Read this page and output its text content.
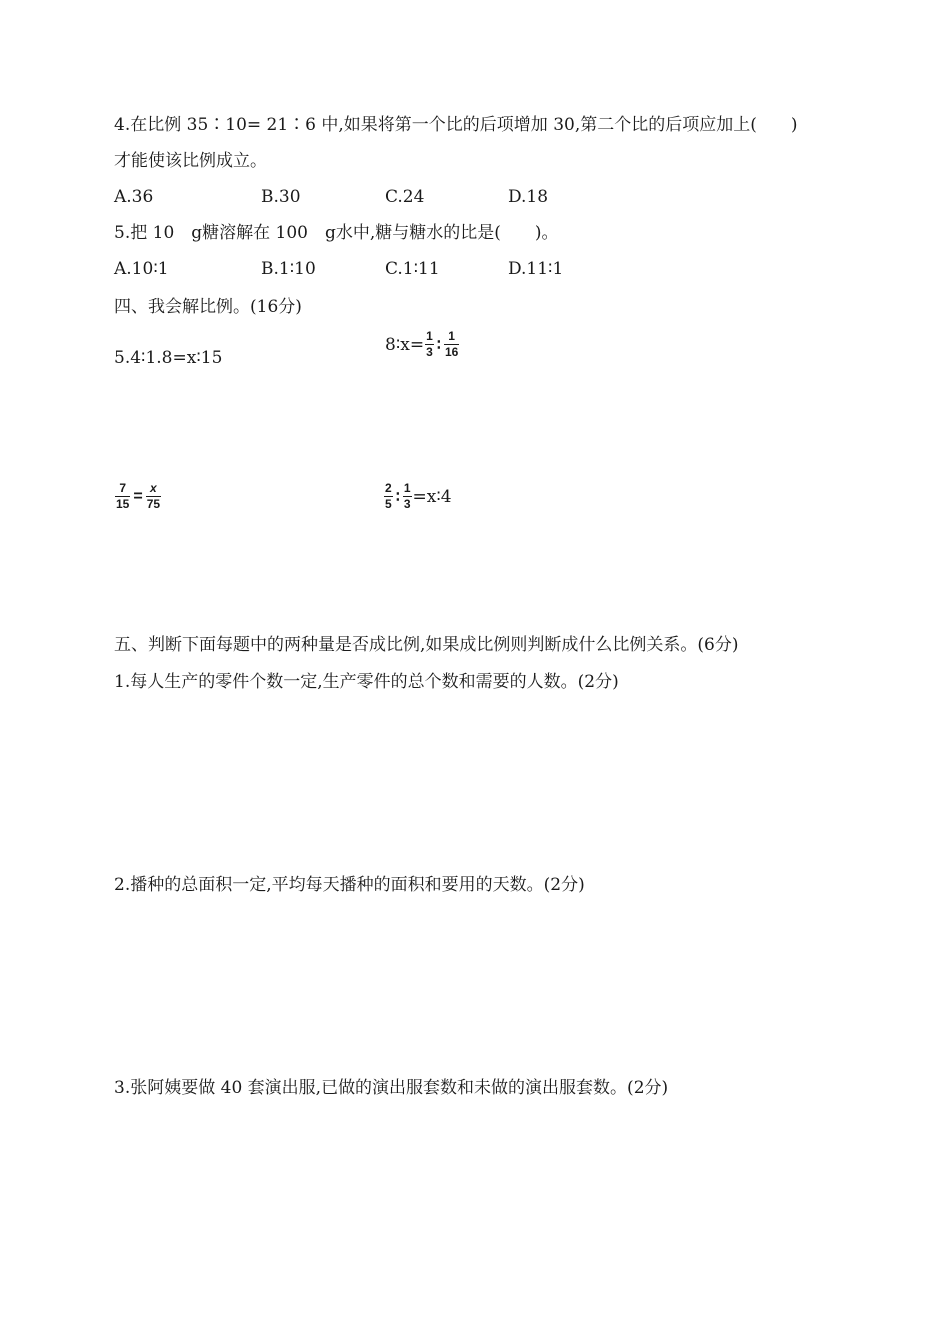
4.在比例 35∶10= 21∶6 中,如果将第一个比的后项增加 30,第二个比的后项应加上(　　)
才能使该比例成立。
A.36	B.30	C.24	D.18
5.把 10　g糖溶解在 100　g水中,糖与糖水的比是(　　)。
A.10∶1	B.1∶10	C.1∶11	D.11∶1
四、我会解比例。(16分)
5.4∶1.8=x∶15
8∶x= $\frac{1}{3}$ ∶ $\frac{1}{16}$
$\frac{7}{15} = \frac{x}{75}$	$\frac{2}{5}$ ∶ $\frac{1}{3}$ =x∶4
五、判断下面每题中的两种量是否成比例,如果成比例则判断成什么比例关系。(6分)
1.每人生产的零件个数一定,生产零件的总个数和需要的人数。(2分)
2.播种的总面积一定,平均每天播种的面积和要用的天数。(2分)
3.张阿姨要做 40 套演出服,已做的演出服套数和未做的演出服套数。(2分)
